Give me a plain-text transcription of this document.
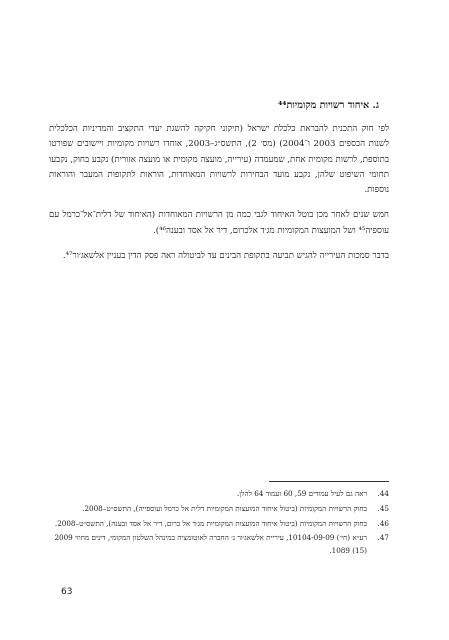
ג. איחוד רשויות מקומיות⁴⁴

לפי חוק התכנית להבראת כלכלת ישראל (תיקוני חקיקה להשגת יעדי התקציב והמדיניות הכלכלית לשנות הכספים 2003 ו־2004) (מס׳ 2), התשס״ג–2003, אוחדו רשויות מקומיות ויישובים שפורטו בתוספת, לרשות מקומית אחת, שמעמדה (עירייה, מועצה מקומית או מועצה אזורית) נקבע בחוק, נקבעו תחומי השיפוט שלהן, נקבע מועד הבחירות לרשויות המאוחדות, הוראות לתקופות המעבר והוראות נוספות.

חמש שנים לאחר מכן בוטל האיחוד לגבי כמה מן הרשויות המאוחדות (האיחוד של דלית־אל־כרמל עם עוספיה⁴⁵ ושל המועצות המקומיות מג׳ד אלכרום, דיר אל אסד ובענה⁴⁶).

בדבר סמכות העירייה להגיש תביעה בתקופת הבינים עד לביטולה ראה פסק הדין בעניין אלשאג׳ור⁴⁷.

44.
ראה גם לעיל עמודים 59, 60 ועמוד 64 להלן.
45.
בחוק הרשויות המקומיות (ביטול איחוד המועצות המקומיות דלית אל כרמל ועוספייה), התשס״ט–2008.
46.
בחוק הרשויות המקומיות (ביטול איחוד המועצות המקומיות מג׳ד אל כרום, דיר אל אסד ובענה), התשס״ט–2008.
47.
רע״א (חי׳) 10104-09-09, עיריית אלשאג׳ור נ׳ החברה לאוטומציה במינהל השלטון המקומי, דינים מחוזי 2009 (15) 1089.
63
